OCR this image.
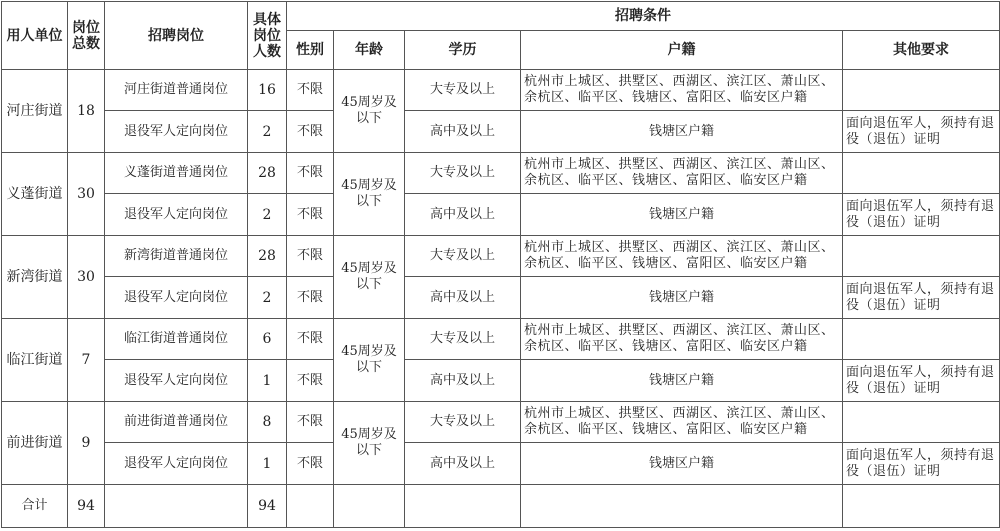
用人单位	岗位总数	招聘岗位	具体岗位人数	招聘条件				
				性别	年龄	学历	户籍	其他要求
河庄街道	18	河庄街道普通岗位	16	不限	45周岁及以下	大专及以上	杭州市上城区、拱墅区、西湖区、滨江区、萧山区、余杭区、临平区、钱塘区、富阳区、临安区户籍	
		退役军人定向岗位	2	不限		高中及以上	钱塘区户籍	面向退伍军人，须持有退役（退伍）证明
义蓬街道	30	义蓬街道普通岗位	28	不限	45周岁及以下	大专及以上	杭州市上城区、拱墅区、西湖区、滨江区、萧山区、余杭区、临平区、钱塘区、富阳区、临安区户籍	
		退役军人定向岗位	2	不限		高中及以上	钱塘区户籍	面向退伍军人，须持有退役（退伍）证明
新湾街道	30	新湾街道普通岗位	28	不限	45周岁及以下	大专及以上	杭州市上城区、拱墅区、西湖区、滨江区、萧山区、余杭区、临平区、钱塘区、富阳区、临安区户籍	
		退役军人定向岗位	2	不限		高中及以上	钱塘区户籍	面向退伍军人，须持有退役（退伍）证明
临江街道	7	临江街道普通岗位	6	不限	45周岁及以下	大专及以上	杭州市上城区、拱墅区、西湖区、滨江区、萧山区、余杭区、临平区、钱塘区、富阳区、临安区户籍	
		退役军人定向岗位	1	不限		高中及以上	钱塘区户籍	面向退伍军人，须持有退役（退伍）证明
前进街道	9	前进街道普通岗位	8	不限	45周岁及以下	大专及以上	杭州市上城区、拱墅区、西湖区、滨江区、萧山区、余杭区、临平区、钱塘区、富阳区、临安区户籍	
		退役军人定向岗位	1	不限		高中及以上	钱塘区户籍	面向退伍军人，须持有退役（退伍）证明
合计	94		94					
